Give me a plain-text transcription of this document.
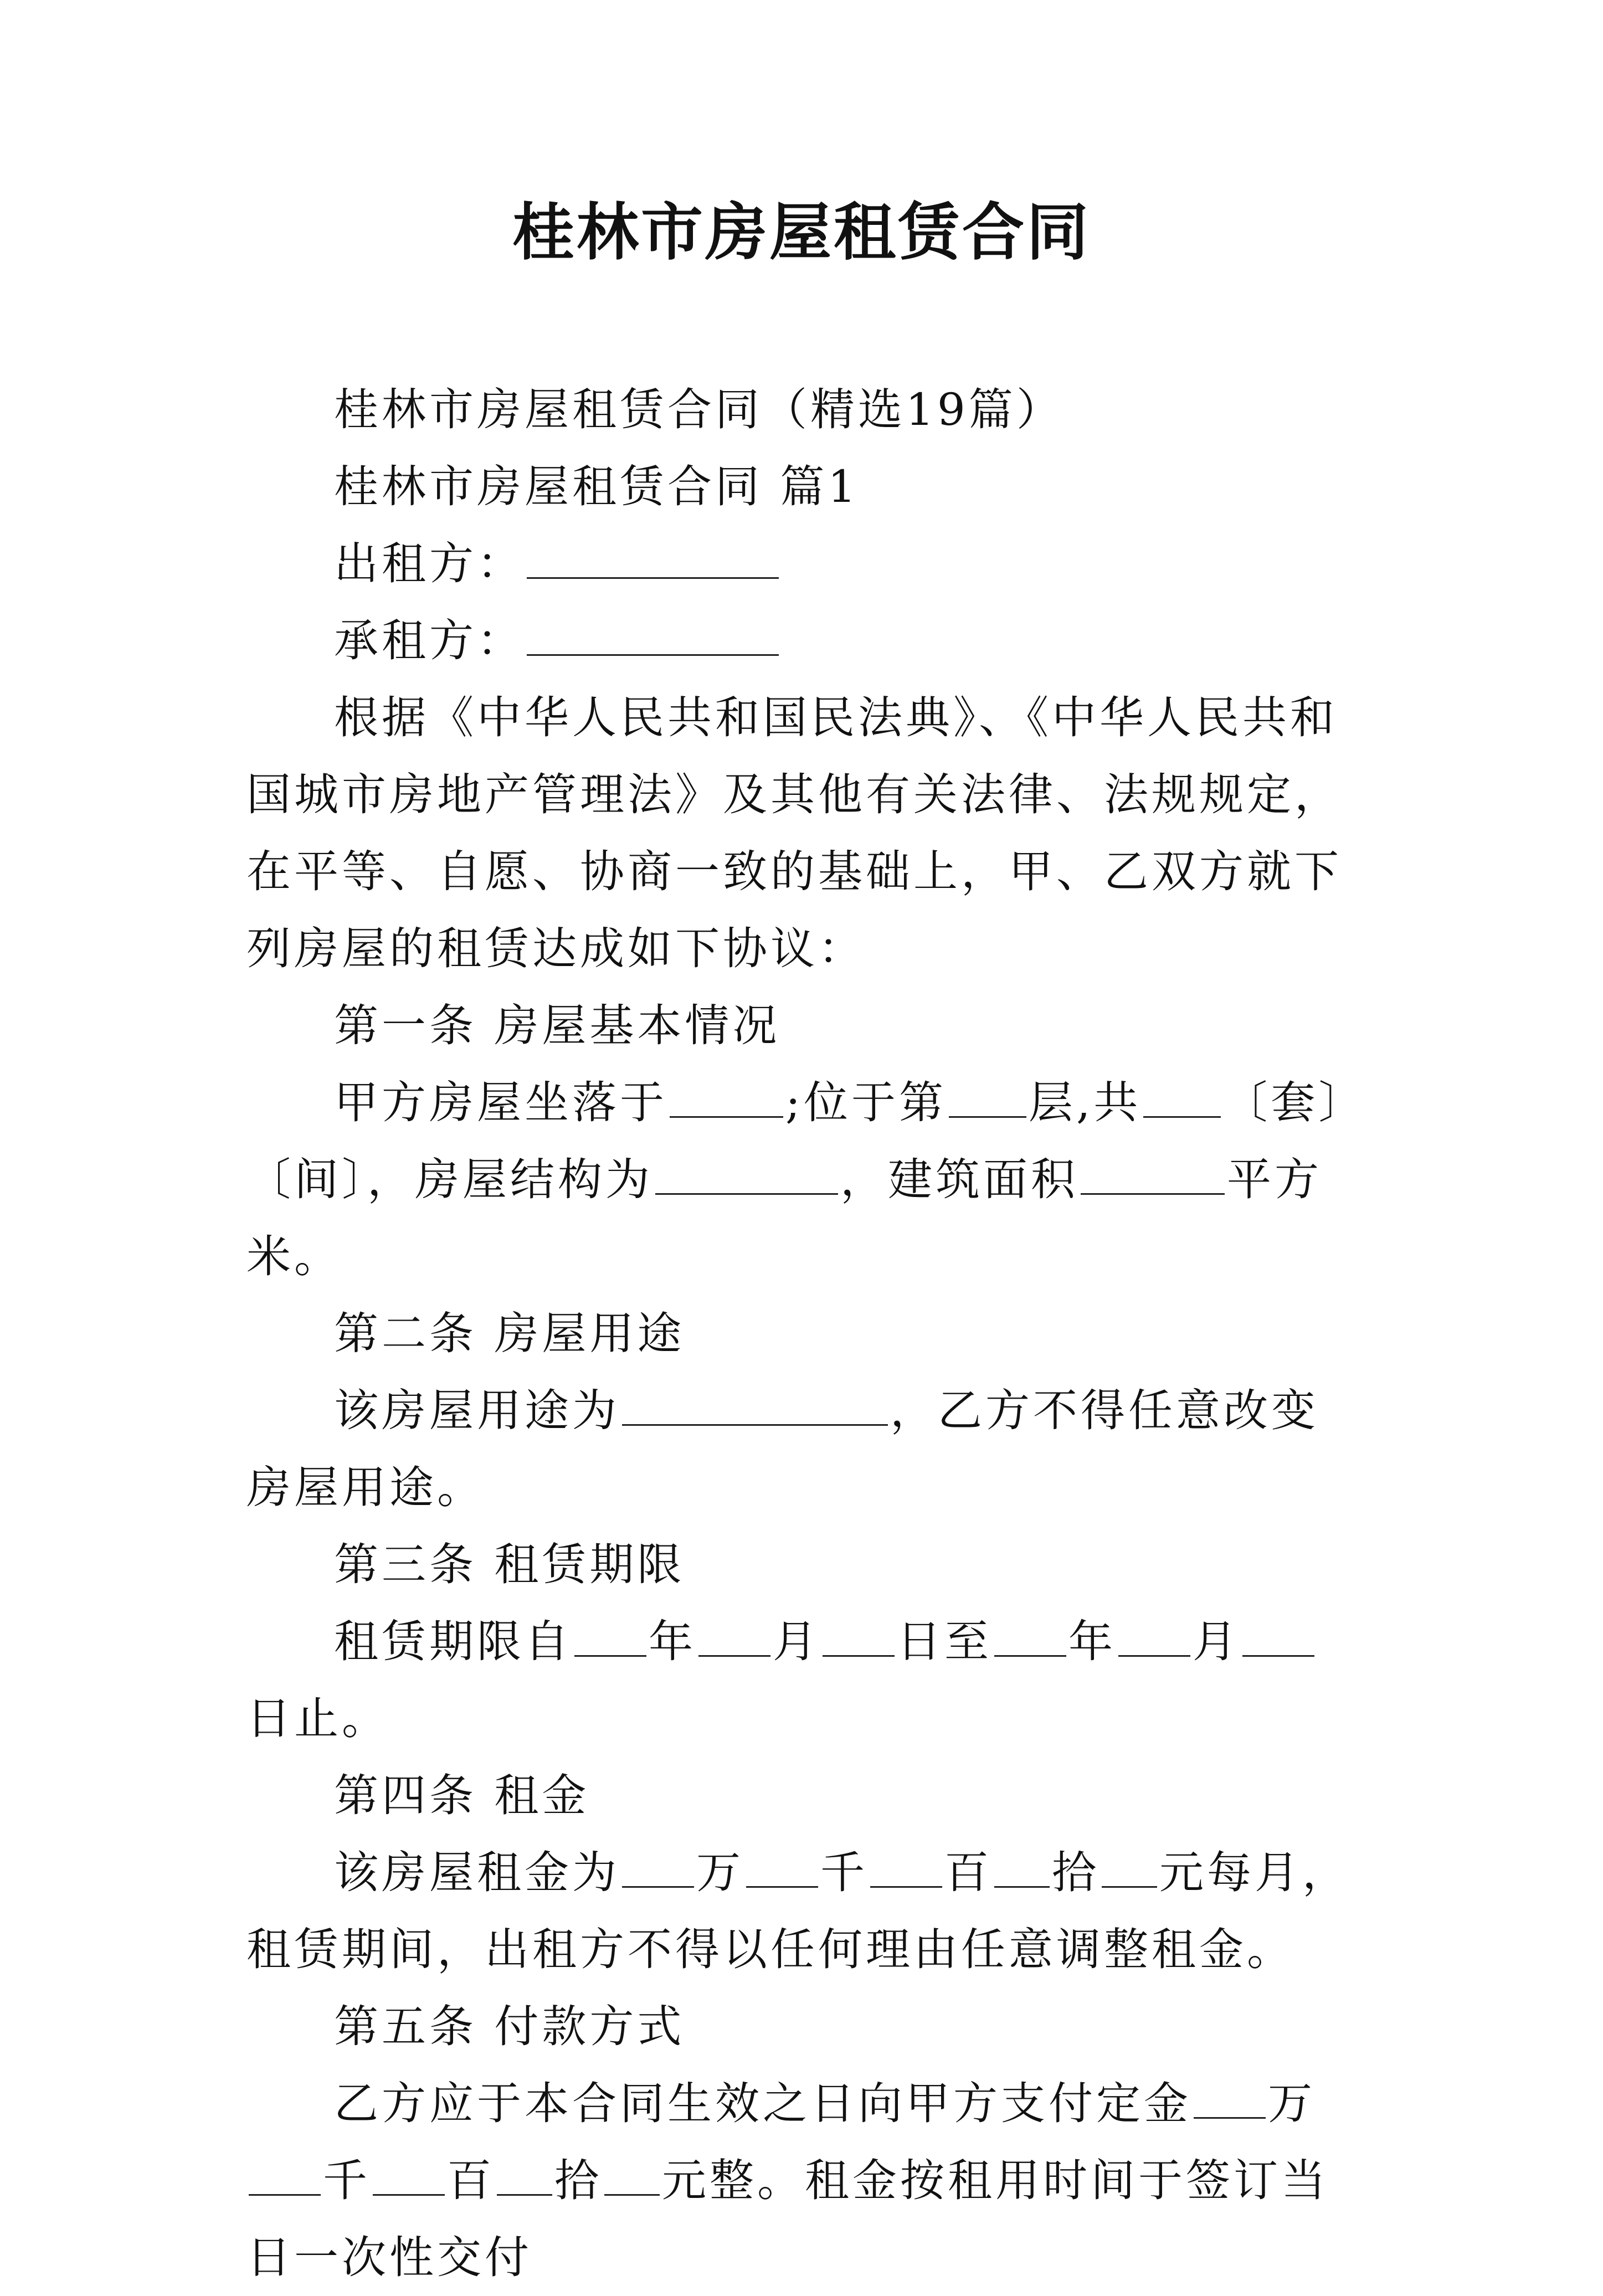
桂林市房屋租赁合同

桂林市房屋租赁合同（精选19篇）

桂林市房屋租赁合同 篇1

出租方：

承租方：

根据《中华人民共和国民法典》、《中华人民共和国城市房地产管理法》及其他有关法律、法规规定，在平等、自愿、协商一致的基础上，甲、乙双方就下列房屋的租赁达成如下协议：

第一条 房屋基本情况

甲方房屋坐落于	;位于第 层,共 〔套〕〔间〕，房屋结构为	，建筑面积	平方米。

第二条 房屋用途

该房屋用途为	，乙方不得任意改变房屋用途。

第三条 租赁期限

租赁期限自 年 月 日至 年 月日止。

第四条 租金

该房屋租金为 万 千 百 拾 元每月，租赁期间，出租方不得以任何理由任意调整租金。

第五条 付款方式

乙方应于本合同生效之日向甲方支付定金 万千 百 拾 元整。租金按租用时间于签订当日一次性交付
